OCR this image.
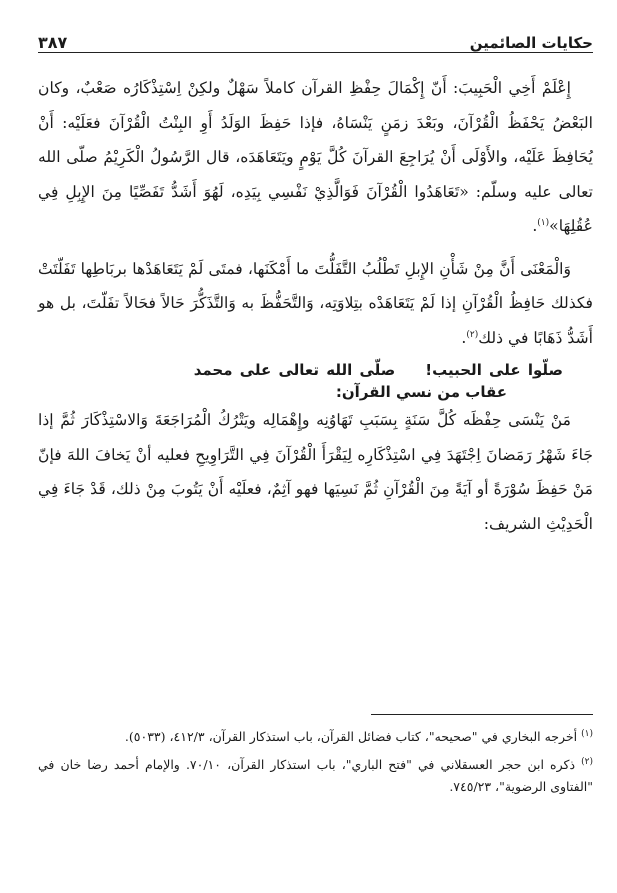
حكايات الصائمين
٣٨٧

إِعْلَمْ أَخِي الْحَبِيبَ: أَنّ إِكْمَالَ حِفْظِ القرآن كاملاً سَهْلٌ ولكِنْ اِسْتِذْكَارُه صَعْبٌ، وكان البَعْضُ يَحْفَظُ الْقُرْآنَ، وبَعْدَ زمَنٍ يَنْسَاهُ، فإذا حَفِظَ الوَلَدُ أَوِ البِنْتُ الْقُرْآنَ فعَلَيْه: أَنْ يُحَافِظَ عَلَيْه، والأَوْلَى أَنْ يُرَاجِعَ القرآنَ كُلَّ يَوْمٍ ويَتَعَاهَدَه، قال الرَّسُولُ الْكَرِيْمُ صلّى الله تعالى عليه وسلّم: «تَعَاهَدُوا الْقُرْآنَ فَوَالَّذِيْ نَفْسِي بِيَدِه، لَهُوَ أَشَدُّ تَفَصِّيًا مِنَ الإِبِلِ فِي عُقُلِهَا»$^{(١)}$.

وَالْمَعْنَى أَنَّ مِنْ شَأْنِ الإِبلِ تَطْلُبُ التَّفَلُّتَ ما أَمْكَنَها، فمتَى لَمْ يَتَعَاهَدْها بربَاطِها تَفَلّتَتْ فكذلك حَافِظُ الْقُرْآنِ إذا لَمْ يَتَعَاهَدْه بتِلاوَتِه، وَالتَّحَفُّظَ به وَالتَّذَكُّرَ حَالاً فحَالاً تفَلّتَ، بل هو أَشَدُّ ذَهَابًا في ذلك$^{(٢)}$.

صلّوا على الحبيب!صلّى الله تعالى على محمد
عقاب من نسي القرآن:

مَنْ يَنْسَى حِفْظَه كُلَّ سَنَةٍ بِسَبَبِ تَهَاوُنِه وإِهْمَالِه ويَتْرُكُ الْمُرَاجَعَةَ وَالاسْتِذْكَارَ ثُمَّ إذا جَاءَ شَهْرُ رَمَضانَ اِجْتَهَدَ فِي اسْتِذْكَارِه لِيَقْرَأَ الْقُرْآنَ فِي التَّرَاوِيحِ فعليه أنْ يَخافَ اللهَ فإنّ مَنْ حَفِظَ سُوْرَةً أو آيَةً مِنَ الْقُرْآنِ ثُمَّ نَسِيَها فهو آثِمٌ، فعلَيْه أَنْ يَتُوبَ مِنْ ذلك، قَدْ جَاءَ فِي الْحَدِيْثِ الشريف:

$^{(١)}$ أخرجه البخاري في "صحيحه"، كتاب فضائل القرآن، باب استذكار القرآن، ٤١٢/٣، (٥٠٣٣).

$^{(٢)}$ ذكره ابن حجر العسقلاني في "فتح الباري"، باب استذكار القرآن، ٧٠/١٠. والإمام أحمد رضا خان في "الفتاوى الرضوية"، ٧٤٥/٢٣.
